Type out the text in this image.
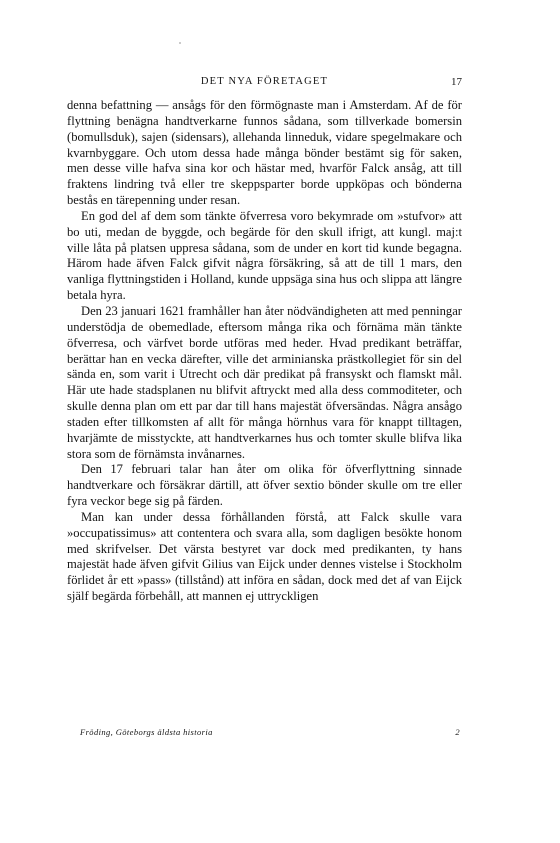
DET NYA FÖRETAGET	17

denna befattning — ansågs för den förmögnaste man i Amsterdam. Af de för flyttning benägna handtverkarne funnos sådana, som tillverkade bomersin (bomullsduk), sajen (sidensars), allehanda linneduk, vidare spegelmakare och kvarnbyggare. Och utom dessa hade många bönder bestämt sig för saken, men desse ville hafva sina kor och hästar med, hvarför Falck ansåg, att till fraktens lindring två eller tre skeppsparter borde uppköpas och bönderna bestås en tärepenning under resan.

En god del af dem som tänkte öfverresa voro bekymrade om »stufvor» att bo uti, medan de byggde, och begärde för den skull ifrigt, att kungl. maj:t ville låta på platsen uppresa sådana, som de under en kort tid kunde begagna. Härom hade äfven Falck gifvit några försäkring, så att de till 1 mars, den vanliga flyttningstiden i Holland, kunde uppsäga sina hus och slippa att längre betala hyra.

Den 23 januari 1621 framhåller han åter nödvändigheten att med penningar understödja de obemedlade, eftersom många rika och förnäma män tänkte öfverresa, och värfvet borde utföras med heder. Hvad predikant beträffar, berättar han en vecka därefter, ville det arminianska prästkollegiet för sin del sända en, som varit i Utrecht och där predikat på fransyskt och flamskt mål. Här ute hade stadsplanen nu blifvit aftryckt med alla dess commoditeter, och skulle denna plan om ett par dar till hans majestät öfversändas. Några ansågo staden efter tillkomsten af allt för många hörnhus vara för knappt tilltagen, hvarjämte de misstyckte, att handtverkarnes hus och tomter skulle blifva lika stora som de förnämsta invånarnes.

Den 17 februari talar han åter om olika för öfverflyttning sinnade handtverkare och försäkrar därtill, att öfver sextio bönder skulle om tre eller fyra veckor bege sig på färden.

Man kan under dessa förhållanden förstå, att Falck skulle vara »occupatissimus» att contentera och svara alla, som dagligen besökte honom med skrifvelser. Det värsta bestyret var dock med predikanten, ty hans majestät hade äfven gifvit Gilius van Eijck under dennes vistelse i Stockholm förlidet år ett »pass» (tillstånd) att införa en sådan, dock med det af van Eijck själf begärda förbehåll, att mannen ej uttryckligen

Fröding, Göteborgs äldsta historia	2
